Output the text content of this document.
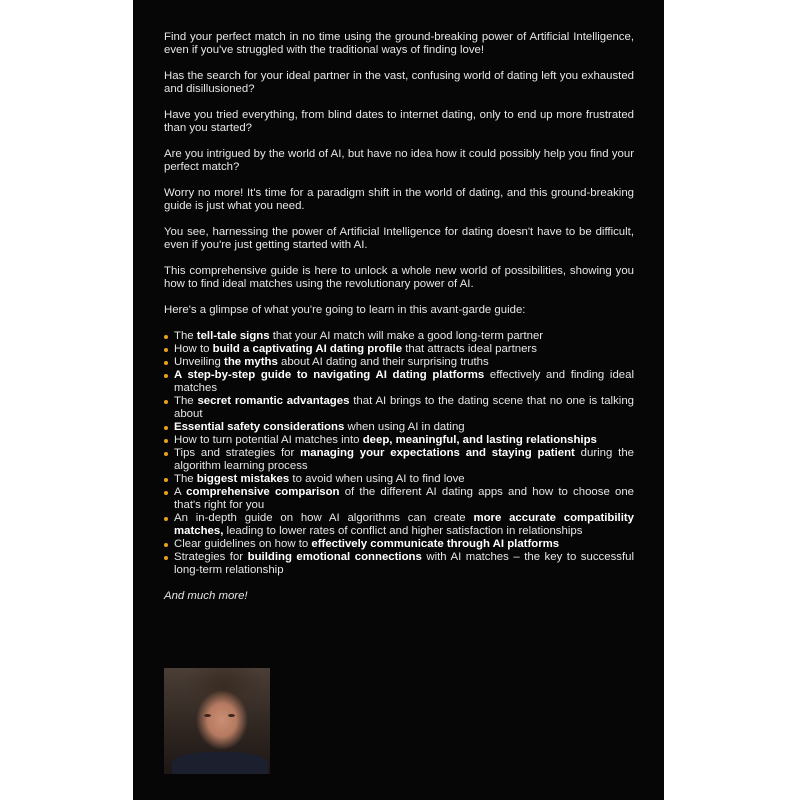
Find your perfect match in no time using the ground-breaking power of Artificial Intelligence, even if you've struggled with the traditional ways of finding love!

Has the search for your ideal partner in the vast, confusing world of dating left you exhausted and disillusioned?

Have you tried everything, from blind dates to internet dating, only to end up more frustrated than you started?

Are you intrigued by the world of AI, but have no idea how it could possibly help you find your perfect match?

Worry no more! It's time for a paradigm shift in the world of dating, and this ground-breaking guide is just what you need.

You see, harnessing the power of Artificial Intelligence for dating doesn't have to be difficult, even if you're just getting started with AI.

This comprehensive guide is here to unlock a whole new world of possibilities, showing you how to find ideal matches using the revolutionary power of AI.

Here's a glimpse of what you're going to learn in this avant-garde guide:

The tell-tale signs that your AI match will make a good long-term partner
How to build a captivating AI dating profile that attracts ideal partners
Unveiling the myths about AI dating and their surprising truths
A step-by-step guide to navigating AI dating platforms effectively and finding ideal matches
The secret romantic advantages that AI brings to the dating scene that no one is talking about
Essential safety considerations when using AI in dating
How to turn potential AI matches into deep, meaningful, and lasting relationships
Tips and strategies for managing your expectations and staying patient during the algorithm learning process
The biggest mistakes to avoid when using AI to find love
A comprehensive comparison of the different AI dating apps and how to choose one that's right for you
An in-depth guide on how AI algorithms can create more accurate compatibility matches, leading to lower rates of conflict and higher satisfaction in relationships
Clear guidelines on how to effectively communicate through AI platforms
Strategies for building emotional connections with AI matches – the key to successful long-term relationship

And much more!
